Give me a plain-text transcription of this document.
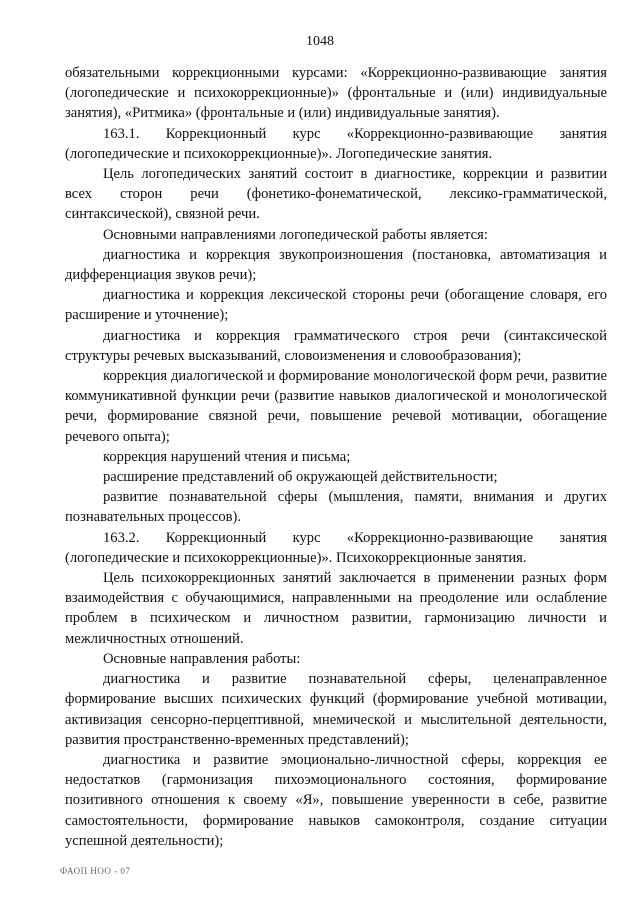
1048

обязательными коррекционными курсами: «Коррекционно-развивающие занятия (логопедические и психокоррекционные)» (фронтальные и (или) индивидуальные занятия), «Ритмика» (фронтальные и (или) индивидуальные занятия).

163.1. Коррекционный курс «Коррекционно-развивающие занятия (логопедические и психокоррекционные)». Логопедические занятия.

Цель логопедических занятий состоит в диагностике, коррекции и развитии всех сторон речи (фонетико-фонематической, лексико-грамматической, синтаксической), связной речи.

Основными направлениями логопедической работы является:

диагностика и коррекция звукопроизношения (постановка, автоматизация и дифференциация звуков речи);

диагностика и коррекция лексической стороны речи (обогащение словаря, его расширение и уточнение);

диагностика и коррекция грамматического строя речи (синтаксической структуры речевых высказываний, словоизменения и словообразования);

коррекция диалогической и формирование монологической форм речи, развитие коммуникативной функции речи (развитие навыков диалогической и монологической речи, формирование связной речи, повышение речевой мотивации, обогащение речевого опыта);

коррекция нарушений чтения и письма;

расширение представлений об окружающей действительности;

развитие познавательной сферы (мышления, памяти, внимания и других познавательных процессов).

163.2. Коррекционный курс «Коррекционно-развивающие занятия (логопедические и психокоррекционные)». Психокоррекционные занятия.

Цель психокоррекционных занятий заключается в применении разных форм взаимодействия с обучающимися, направленными на преодоление или ослабление проблем в психическом и личностном развитии, гармонизацию личности и межличностных отношений.

Основные направления работы:

диагностика и развитие познавательной сферы, целенаправленное формирование высших психических функций (формирование учебной мотивации, активизация сенсорно-перцептивной, мнемической и мыслительной деятельности, развития пространственно-временных представлений);

диагностика и развитие эмоционально-личностной сферы, коррекция ее недостатков (гармонизация пихоэмоционального состояния, формирование позитивного отношения к своему «Я», повышение уверенности в себе, развитие самостоятельности, формирование навыков самоконтроля, создание ситуации успешной деятельности);

ФАОП НОО - 07
